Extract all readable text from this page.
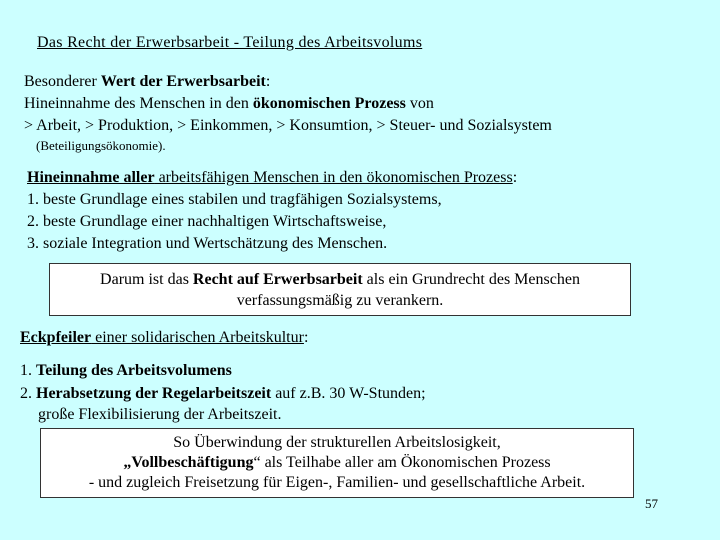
Das Recht der Erwerbsarbeit - Teilung des Arbeitsvolums
Besonderer Wert der Erwerbsarbeit:
Hineinnahme des Menschen in den ökonomischen Prozess von
> Arbeit, > Produktion, > Einkommen, > Konsumtion, > Steuer- und Sozialsystem
(Beteiligungsökonomie).
Hineinnahme aller arbeitsfähigen Menschen in den ökonomischen Prozess:
1. beste Grundlage eines stabilen und tragfähigen Sozialsystems,
2. beste Grundlage einer nachhaltigen Wirtschaftsweise,
3. soziale Integration und Wertschätzung des Menschen.
Darum ist das Recht auf Erwerbsarbeit als ein Grundrecht des Menschen
verfassungsmäßig zu verankern.
Eckpfeiler einer solidarischen Arbeitskultur:
1. Teilung des Arbeitsvolumens
2. Herabsetzung der Regelarbeitszeit auf z.B. 30 W-Stunden;
große Flexibilisierung der Arbeitszeit.
So Überwindung der strukturellen Arbeitslosigkeit,
„Vollbeschäftigung“ als Teilhabe aller am Ökonomischen Prozess
- und zugleich Freisetzung für Eigen-, Familien- und gesellschaftliche Arbeit.
57
